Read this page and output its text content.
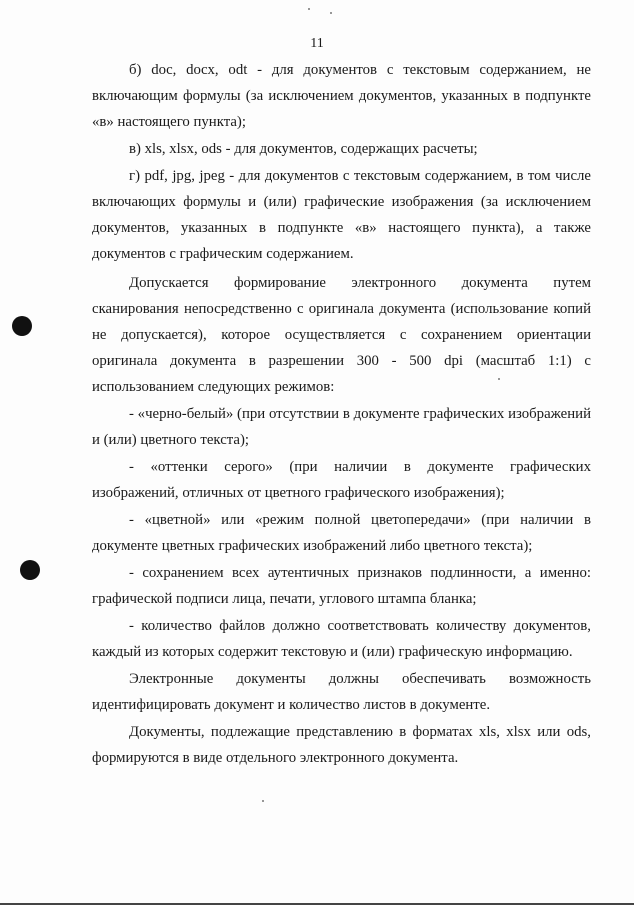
11

б) doc, docx, odt - для документов с текстовым содержанием, не включающим формулы (за исключением документов, указанных в подпункте «в» настоящего пункта);

в) xls, xlsx, ods - для документов, содержащих расчеты;

г) pdf, jpg, jpeg - для документов с текстовым содержанием, в том числе включающих формулы и (или) графические изображения (за исключением документов, указанных в подпункте «в» настоящего пункта), а также документов с графическим содержанием.

Допускается формирование электронного документа путем сканирования непосредственно с оригинала документа (использование копий не допускается), которое осуществляется с сохранением ориентации оригинала документа в разрешении 300 - 500 dpi (масштаб 1:1) с использованием следующих режимов:

- «черно-белый» (при отсутствии в документе графических изображений и (или) цветного текста);

- «оттенки серого» (при наличии в документе графических изображений, отличных от цветного графического изображения);

- «цветной» или «режим полной цветопередачи» (при наличии в документе цветных графических изображений либо цветного текста);

- сохранением всех аутентичных признаков подлинности, а именно: графической подписи лица, печати, углового штампа бланка;

- количество файлов должно соответствовать количеству документов, каждый из которых содержит текстовую и (или) графическую информацию.

Электронные документы должны обеспечивать возможность идентифицировать документ и количество листов в документе.

Документы, подлежащие представлению в форматах xls, xlsx или ods, формируются в виде отдельного электронного документа.
